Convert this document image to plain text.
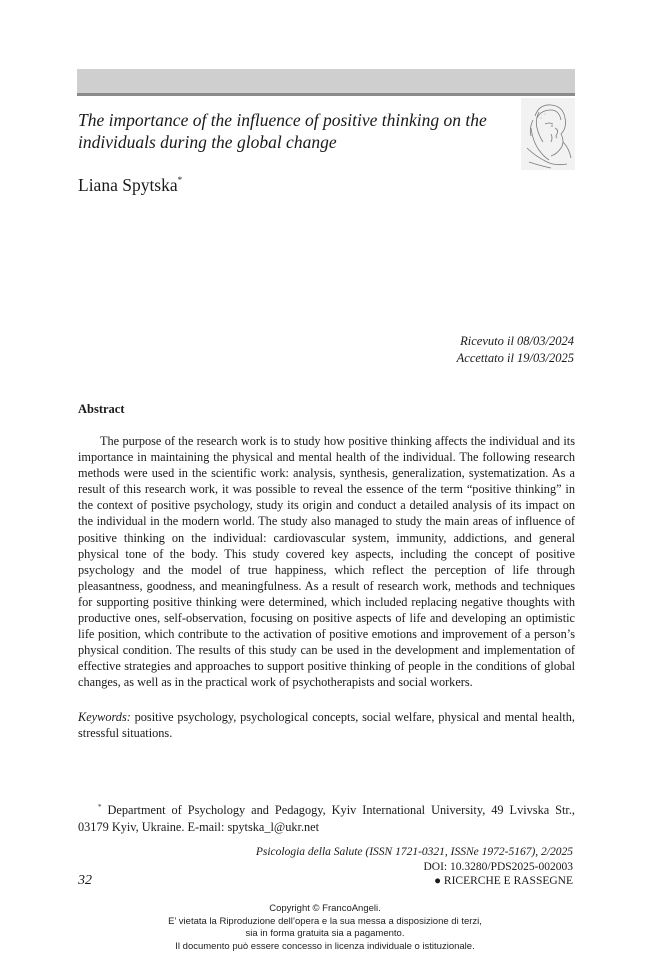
The importance of the influence of positive thinking on the individuals during the global change
Liana Spytska*
Ricevuto il 08/03/2024
Accettato il 19/03/2025
Abstract

The purpose of the research work is to study how positive thinking affects the individual and its importance in maintaining the physical and mental health of the individual. The following research methods were used in the scientific work: analysis, synthesis, generalization, systematization. As a result of this research work, it was possible to reveal the essence of the term “positive thinking” in the context of positive psychology, study its origin and conduct a detailed analysis of its impact on the individual in the modern world. The study also managed to study the main areas of influence of positive thinking on the individual: cardiovascular system, immunity, addictions, and general physical tone of the body. This study covered key aspects, including the concept of positive psychology and the model of true happiness, which reflect the perception of life through pleasantness, goodness, and meaningfulness. As a result of research work, methods and techniques for supporting positive thinking were determined, which included replacing negative thoughts with productive ones, self-observation, focusing on positive aspects of life and developing an optimistic life position, which contribute to the activation of positive emotions and improvement of a person’s physical condition. The results of this study can be used in the development and implementation of effective strategies and approaches to support positive thinking of people in the conditions of global changes, as well as in the practical work of psychotherapists and social workers.

Keywords: positive psychology, psychological concepts, social welfare, physical and mental health, stressful situations.

* Department of Psychology and Pedagogy, Kyiv International University, 49 Lvivska Str., 03179 Kyiv, Ukraine. E-mail: spytska_l@ukr.net

Psicologia della Salute (ISSN 1721-0321, ISSNe 1972-5167), 2/2025
DOI: 10.3280/PDS2025-002003
32	● RICERCHE E RASSEGNE
Copyright © FrancoAngeli.
E’ vietata la Riproduzione dell’opera e la sua messa a disposizione di terzi,
sia in forma gratuita sia a pagamento.
Il documento può essere concesso in licenza individuale o istituzionale.
